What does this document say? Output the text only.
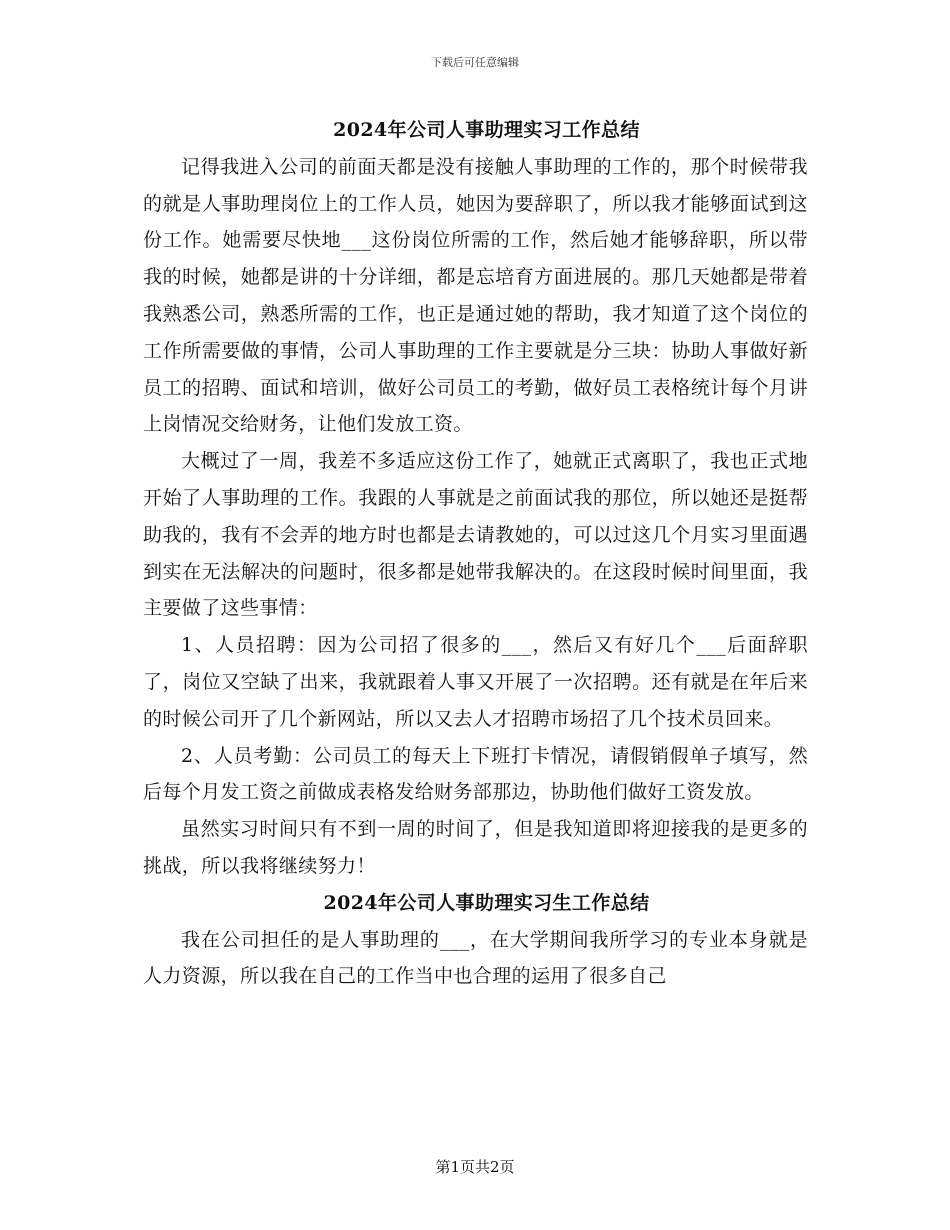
下载后可任意编辑

2024年公司人事助理实习工作总结

记得我进入公司的前面天都是没有接触人事助理的工作的，那个时候带我的就是人事助理岗位上的工作人员，她因为要辞职了，所以我才能够面试到这份工作。她需要尽快地___这份岗位所需的工作，然后她才能够辞职，所以带我的时候，她都是讲的十分详细，都是忘培育方面进展的。那几天她都是带着我熟悉公司，熟悉所需的工作，也正是通过她的帮助，我才知道了这个岗位的工作所需要做的事情，公司人事助理的工作主要就是分三块：协助人事做好新员工的招聘、面试和培训，做好公司员工的考勤，做好员工表格统计每个月讲上岗情况交给财务，让他们发放工资。

大概过了一周，我差不多适应这份工作了，她就正式离职了，我也正式地开始了人事助理的工作。我跟的人事就是之前面试我的那位，所以她还是挺帮助我的，我有不会弄的地方时也都是去请教她的，可以过这几个月实习里面遇到实在无法解决的问题时，很多都是她带我解决的。在这段时候时间里面，我主要做了这些事情：

1、人员招聘：因为公司招了很多的___，然后又有好几个___后面辞职了，岗位又空缺了出来，我就跟着人事又开展了一次招聘。还有就是在年后来的时候公司开了几个新网站，所以又去人才招聘市场招了几个技术员回来。

2、人员考勤：公司员工的每天上下班打卡情况，请假销假单子填写，然后每个月发工资之前做成表格发给财务部那边，协助他们做好工资发放。

虽然实习时间只有不到一周的时间了，但是我知道即将迎接我的是更多的挑战，所以我将继续努力！

2024年公司人事助理实习生工作总结

我在公司担任的是人事助理的___，在大学期间我所学习的专业本身就是人力资源，所以我在自己的工作当中也合理的运用了很多自己

第1页共2页
